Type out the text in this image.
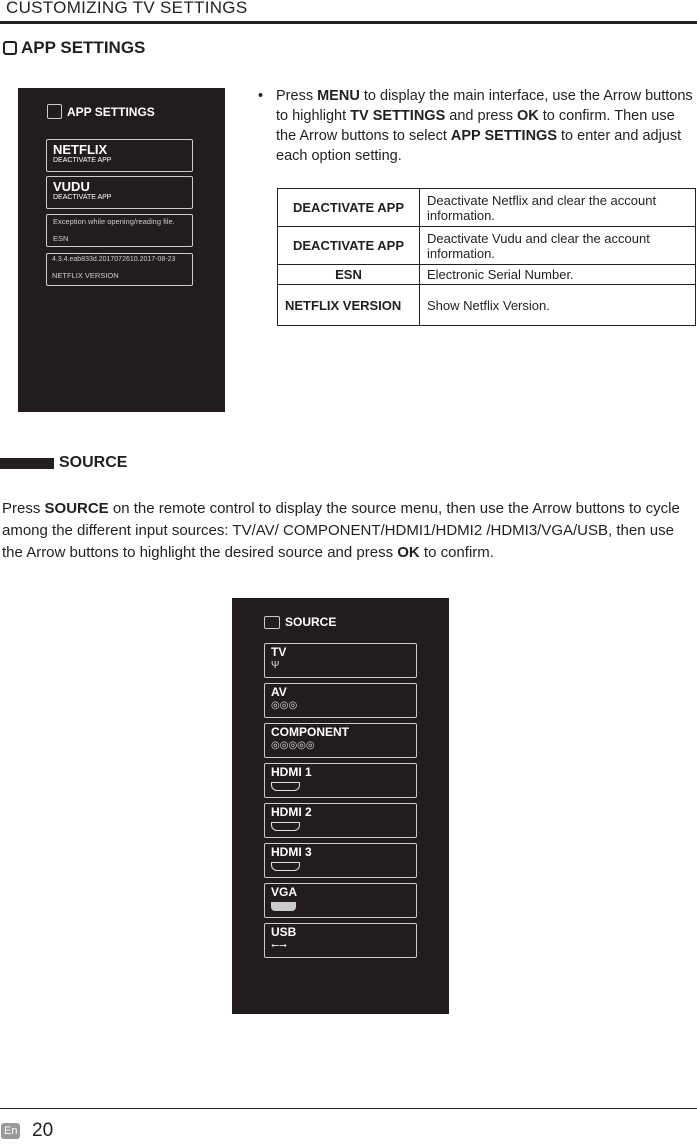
CUSTOMIZING TV SETTINGS
APP SETTINGS
APP SETTINGS
NETFLIX
DEACTIVATE APP
VUDU
DEACTIVATE APP
Exception while opening/reading file.
ESN
4.3.4.eab833d.2017072610.2017-08-23
NETFLIX VERSION
• Press MENU to display the main interface, use the Arrow buttons to highlight TV SETTINGS and press OK to confirm. Then use the Arrow buttons to select APP SETTINGS to enter and adjust each option setting.

DEACTIVATE APP	Deactivate Netflix and clear the account information.
DEACTIVATE APP	Deactivate Vudu and clear the account information.
ESN	Electronic Serial Number.
NETFLIX VERSION	Show Netflix Version.
SOURCE
Press SOURCE on the remote control to display the source menu, then use the Arrow buttons to cycle among the different input sources: TV/AV/ COMPONENT/HDMI1/HDMI2 /HDMI3/VGA/USB, then use the Arrow buttons to highlight the desired source and press OK to confirm.
SOURCE
TV
Ψ
AV
◎◎◎
COMPONENT
◎◎◎◎◎
HDMI 1
HDMI 2
HDMI 3
VGA
USB
⭠⭢
En 20
